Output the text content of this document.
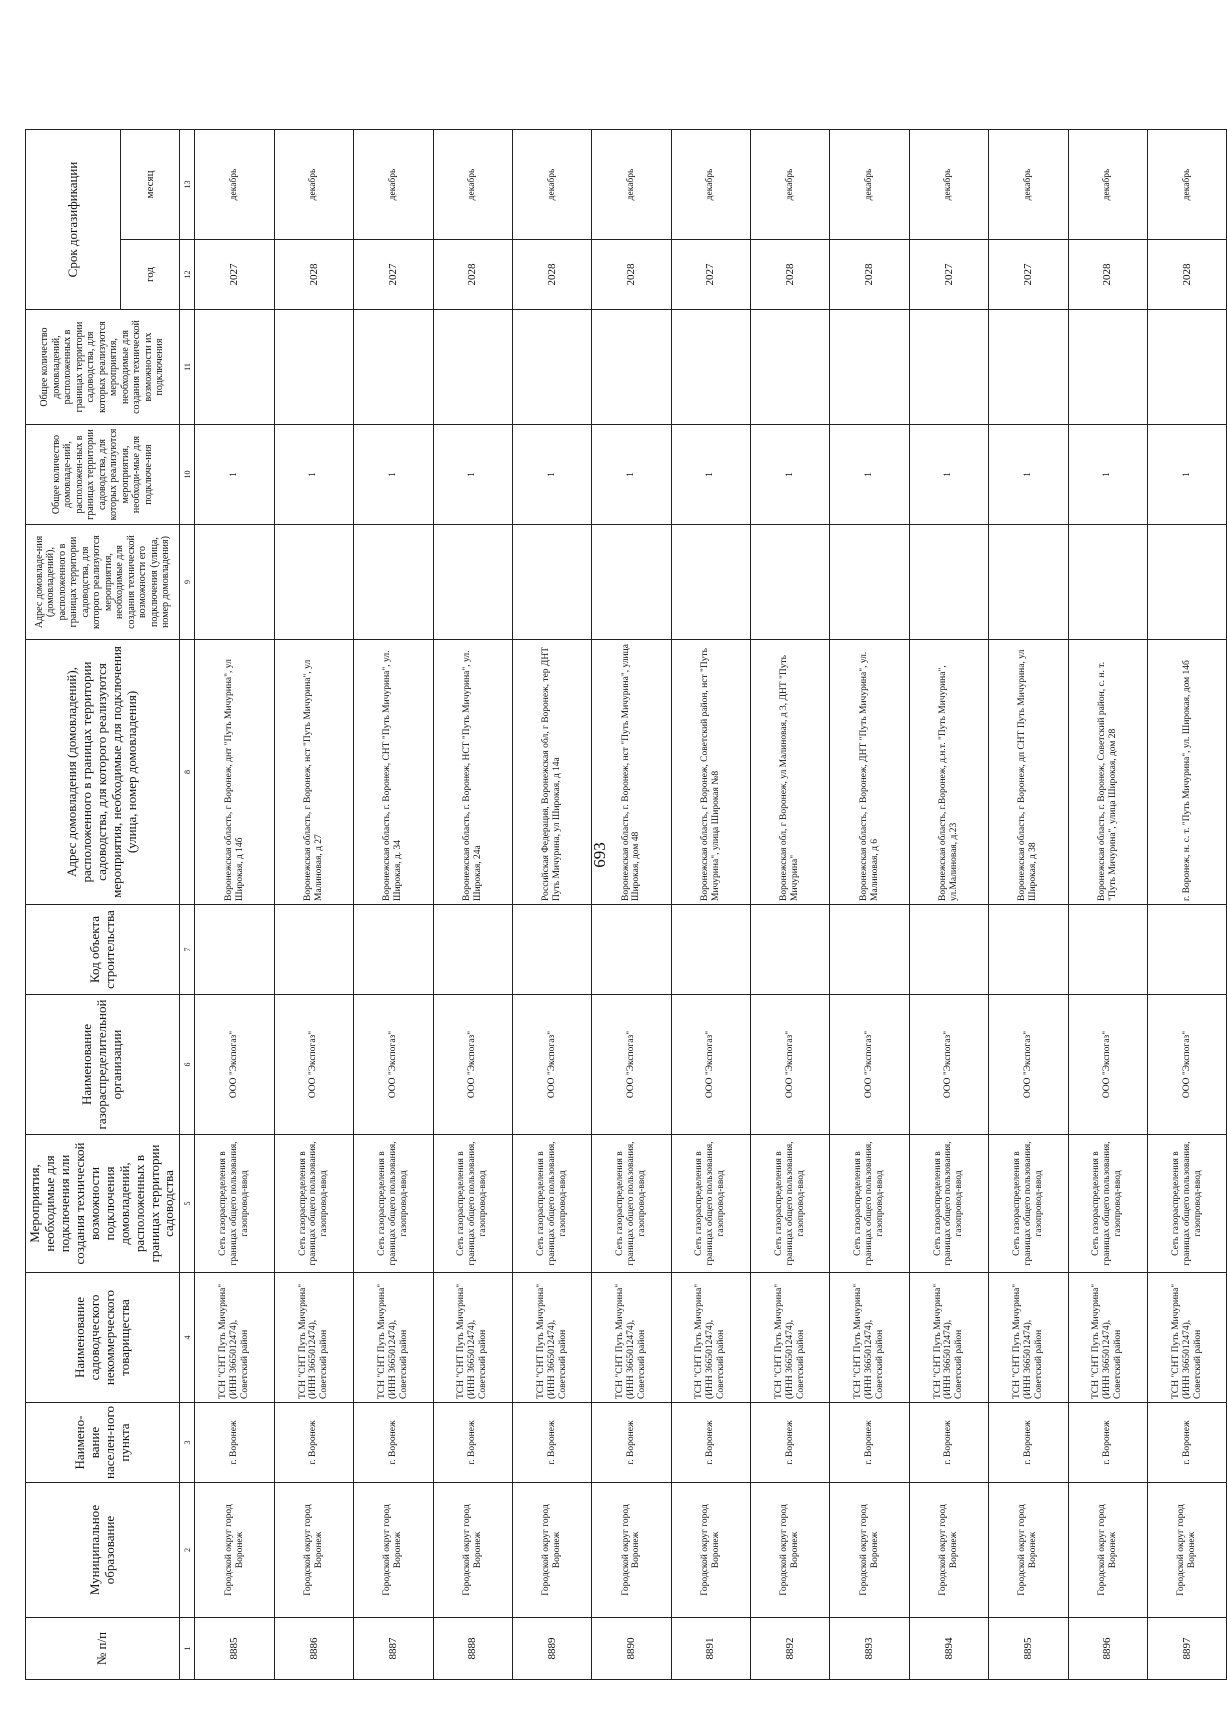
693
№ п/п	Муниципальное образование	Наимено-вание населен-ного пункта	Наименование садоводческого некоммерческого товарищества	Мероприятия, необходимые для подключения или создания технической возможности подключения домовладений, расположенных в границах территории садоводства	Наименование газораспределительной организации	Код объекта строительства	Адрес домовладения (домовладений), расположенного в границах территории садоводства, для которого реализуются мероприятия, необходимые для подключения (улица, номер домовладения)	Адрес домовладе-ния (домовладений), расположенного в границах территории садоводства, для которого реализуются мероприятия, необходимые для создания технической возможности его подключения (улица, номер домовладения)	Общее количество домовладе-ний, расположен-ных в границах территории садоводства, для которых реализуются мероприятия, необходи-мые для подключе-ния	Общее количество домовладений, расположенных в границах территории садоводства, для которых реализуются мероприятия, необходимые для создания технической возможности их подключения	Срок догазификации	
											год	месяц
1	2	3	4	5	6	7	8	9	10	11	12	13
8885	Городской округ город Воронеж	г. Воронеж	ТСН "СНТ Путь Мичурина" (ИНН 3665012474), Советский район	Сеть газораспределения в границах общего пользования, газопровод-ввод	ООО "Экспогаз"		Воронежская область, г Воронеж, днт "Путь Мичурина", ул Широкая, д 14б		1		2027	декабрь
8886	Городской округ город Воронеж	г. Воронеж	ТСН "СНТ Путь Мичурина" (ИНН 3665012474), Советский район	Сеть газораспределения в границах общего пользования, газопровод-ввод	ООО "Экспогаз"		Воронежская область, г Воронеж, нст "Путь Мичурина", ул Малиновая, д 27		1		2028	декабрь
8887	Городской округ город Воронеж	г. Воронеж	ТСН "СНТ Путь Мичурина" (ИНН 3665012474), Советский район	Сеть газораспределения в границах общего пользования, газопровод-ввод	ООО "Экспогаз"		Воронежская область, г. Воронеж, СНТ "Путь Мичурина", ул. Широкая, д. 34		1		2027	декабрь
8888	Городской округ город Воронеж	г. Воронеж	ТСН "СНТ Путь Мичурина" (ИНН 3665012474), Советский район	Сеть газораспределения в границах общего пользования, газопровод-ввод	ООО "Экспогаз"		Воронежская область, г. Воронеж, НСТ "Путь Мичурина", ул. Широкая, 24а		1		2028	декабрь
8889	Городской округ город Воронеж	г. Воронеж	ТСН "СНТ Путь Мичурина" (ИНН 3665012474), Советский район	Сеть газораспределения в границах общего пользования, газопровод-ввод	ООО "Экспогаз"		Российская Федерация, Воронежская обл, г Воронеж, тер ДНТ Путь Мичурина, ул Широкая, д 14а		1		2028	декабрь
8890	Городской округ город Воронеж	г. Воронеж	ТСН "СНТ Путь Мичурина" (ИНН 3665012474), Советский район	Сеть газораспределения в границах общего пользования, газопровод-ввод	ООО "Экспогаз"		Воронежская область, г. Воронеж, нст "Путь Мичурина", улица Широкая, дом 48		1		2028	декабрь
8891	Городской округ город Воронеж	г. Воронеж	ТСН "СНТ Путь Мичурина" (ИНН 3665012474), Советский район	Сеть газораспределения в границах общего пользования, газопровод-ввод	ООО "Экспогаз"		Воронежская область, г Воронеж, Советский район, нст "Путь Мичурина", улица Широкая №8		1		2027	декабрь
8892	Городской округ город Воронеж	г. Воронеж	ТСН "СНТ Путь Мичурина" (ИНН 3665012474), Советский район	Сеть газораспределения в границах общего пользования, газопровод-ввод	ООО "Экспогаз"		Воронежская обл, г Воронеж, ул Малиновая, д 3, ДНТ "Путь Мичурина"		1		2028	декабрь
8893	Городской округ город Воронеж	г. Воронеж	ТСН "СНТ Путь Мичурина" (ИНН 3665012474), Советский район	Сеть газораспределения в границах общего пользования, газопровод-ввод	ООО "Экспогаз"		Воронежская область, г Воронеж, ДНТ "Путь Мичурина", ул. Малиновая, д 6		1		2028	декабрь
8894	Городской округ город Воронеж	г. Воронеж	ТСН "СНТ Путь Мичурина" (ИНН 3665012474), Советский район	Сеть газораспределения в границах общего пользования, газопровод-ввод	ООО "Экспогаз"		Воронежская область, г.Воронеж, д.н.т. "Путь Мичурина", ул.Малиновая, д.23		1		2027	декабрь
8895	Городской округ город Воронеж	г. Воронеж	ТСН "СНТ Путь Мичурина" (ИНН 3665012474), Советский район	Сеть газораспределения в границах общего пользования, газопровод-ввод	ООО "Экспогаз"		Воронежская область, г Воронеж, дп СНТ Путь Мичурина, ул Широкая, д 38		1		2027	декабрь
8896	Городской округ город Воронеж	г. Воронеж	ТСН "СНТ Путь Мичурина" (ИНН 3665012474), Советский район	Сеть газораспределения в границах общего пользования, газопровод-ввод	ООО "Экспогаз"		Воронежская область, г. Воронеж, Советский район, с. н. т. "Путь Мичурина", улица Широкая, дом 28		1		2028	декабрь
8897	Городской округ город Воронеж	г. Воронеж	ТСН "СНТ Путь Мичурина" (ИНН 3665012474), Советский район	Сеть газораспределения в границах общего пользования, газопровод-ввод	ООО "Экспогаз"		г. Воронеж, н. с. т. "Путь Мичурина", ул. Широкая, дом 14б		1		2028	декабрь
